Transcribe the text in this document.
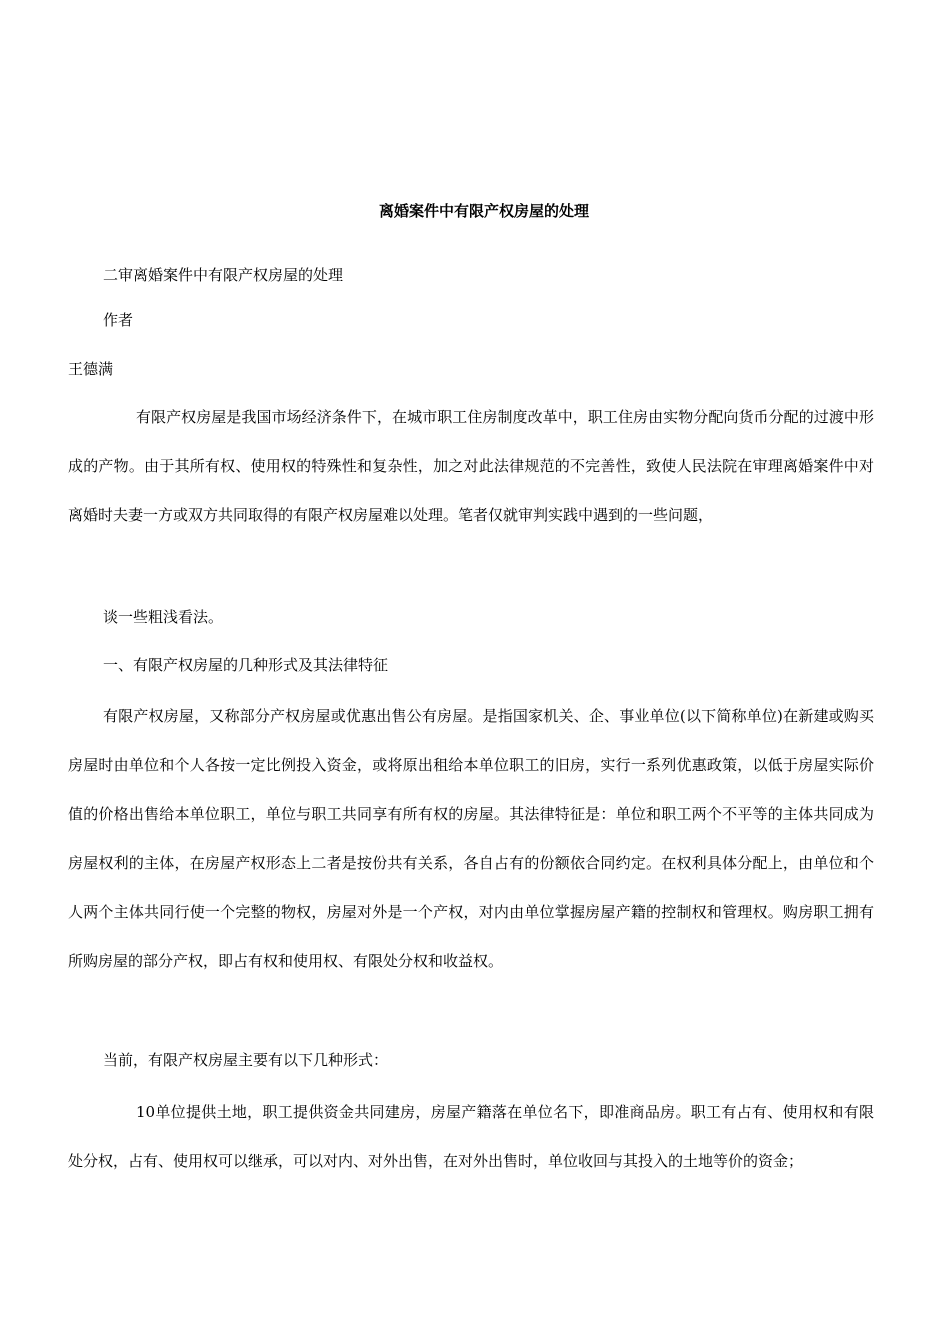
离婚案件中有限产权房屋的处理
二审离婚案件中有限产权房屋的处理
作者
王德满
有限产权房屋是我国市场经济条件下，在城市职工住房制度改革中，职工住房由实物分配向货币分配的过渡中形成的产物。由于其所有权、使用权的特殊性和复杂性，加之对此法律规范的不完善性，致使人民法院在审理离婚案件中对离婚时夫妻一方或双方共同取得的有限产权房屋难以处理。笔者仅就审判实践中遇到的一些问题，
谈一些粗浅看法。
一、有限产权房屋的几种形式及其法律特征
有限产权房屋，又称部分产权房屋或优惠出售公有房屋。是指国家机关、企、事业单位(以下简称单位)在新建或购买房屋时由单位和个人各按一定比例投入资金，或将原出租给本单位职工的旧房，实行一系列优惠政策，以低于房屋实际价值的价格出售给本单位职工，单位与职工共同享有所有权的房屋。其法律特征是：单位和职工两个不平等的主体共同成为房屋权利的主体，在房屋产权形态上二者是按份共有关系，各自占有的份额依合同约定。在权利具体分配上，由单位和个人两个主体共同行使一个完整的物权，房屋对外是一个产权，对内由单位掌握房屋产籍的控制权和管理权。购房职工拥有所购房屋的部分产权，即占有权和使用权、有限处分权和收益权。
当前，有限产权房屋主要有以下几种形式：
10单位提供土地，职工提供资金共同建房，房屋产籍落在单位名下，即准商品房。职工有占有、使用权和有限处分权，占有、使用权可以继承，可以对内、对外出售，在对外出售时，单位收回与其投入的土地等价的资金；
